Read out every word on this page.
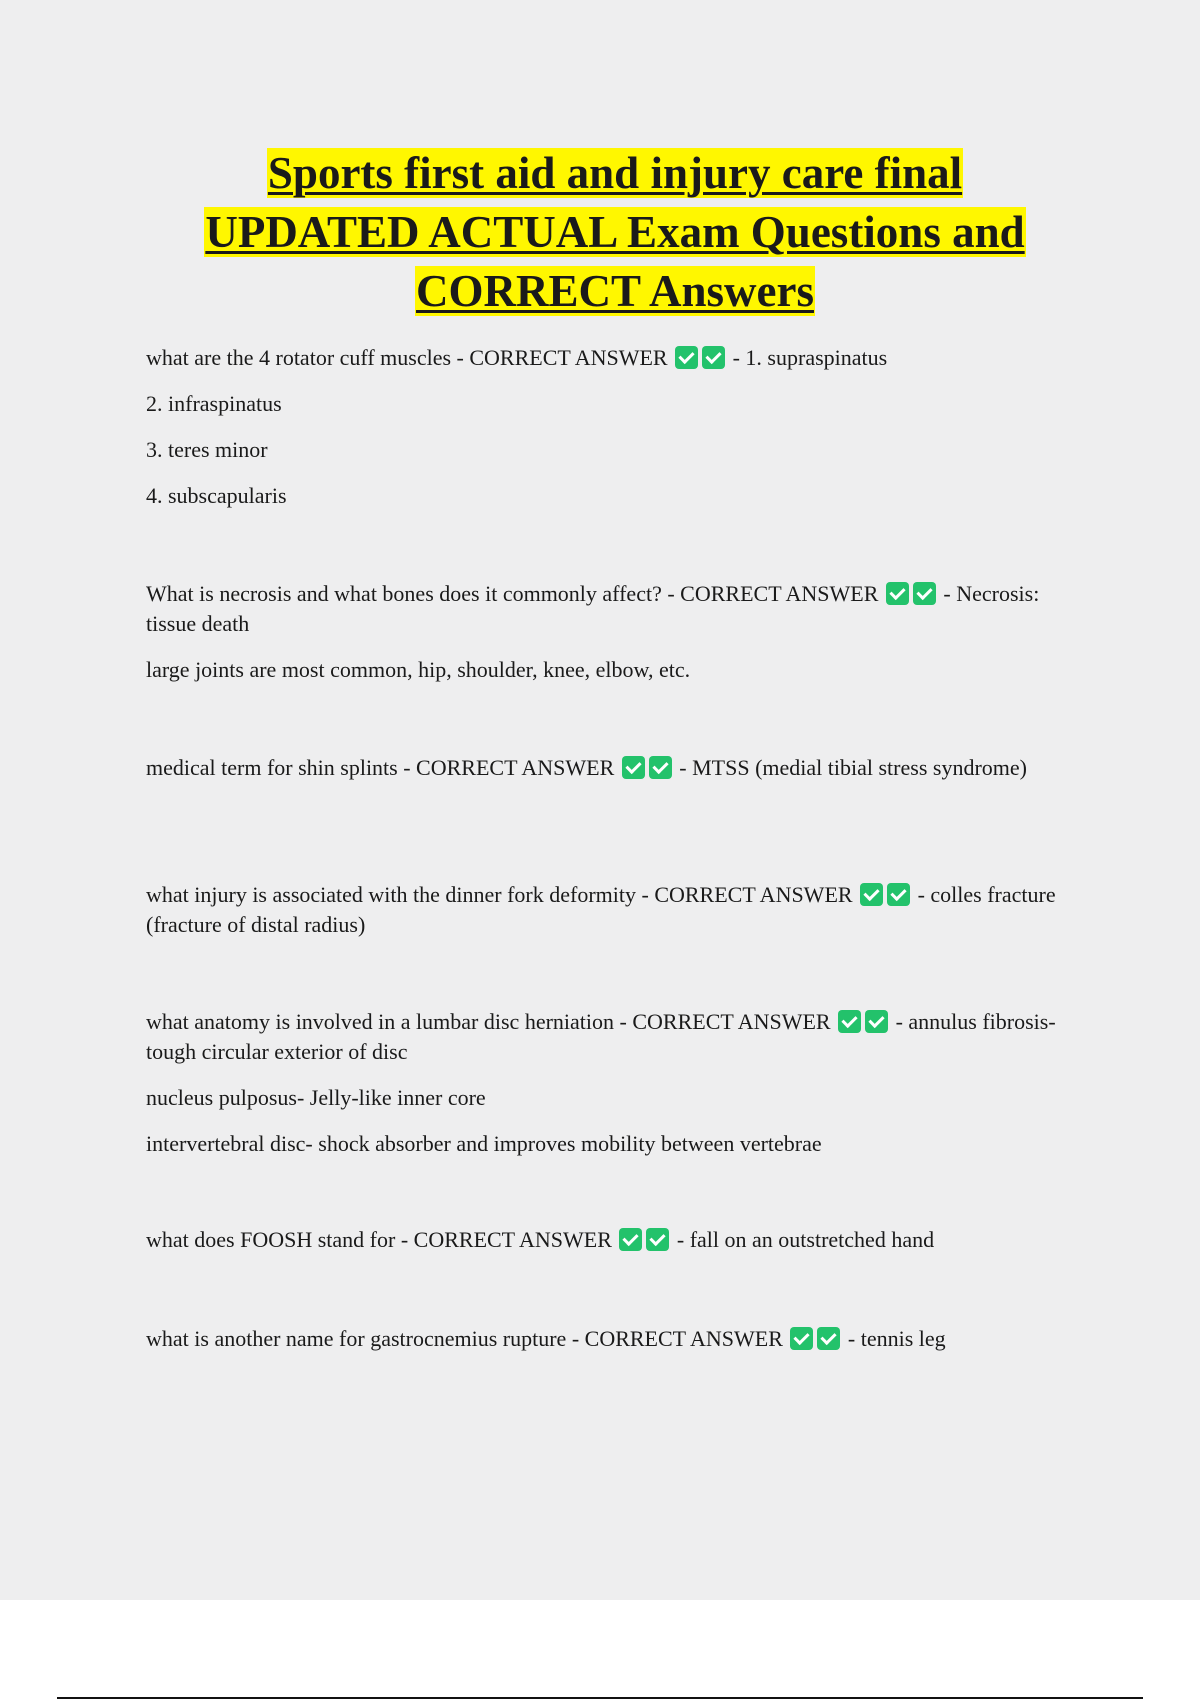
Sports first aid and injury care final
UPDATED ACTUAL Exam Questions and
CORRECT Answers

what are the 4 rotator cuff muscles - CORRECT ANSWER	- 1. supraspinatus

2. infraspinatus

3. teres minor

4. subscapularis

What is necrosis and what bones does it commonly affect? - CORRECT ANSWER	- Necrosis: tissue death

large joints are most common, hip, shoulder, knee, elbow, etc.

medical term for shin splints - CORRECT ANSWER	- MTSS (medial tibial stress syndrome)

what injury is associated with the dinner fork deformity - CORRECT ANSWER	- colles fracture (fracture of distal radius)

what anatomy is involved in a lumbar disc herniation - CORRECT ANSWER	- annulus fibrosis-tough circular exterior of disc

nucleus pulposus- Jelly-like inner core

intervertebral disc- shock absorber and improves mobility between vertebrae

what does FOOSH stand for - CORRECT ANSWER	- fall on an outstretched hand

what is another name for gastrocnemius rupture - CORRECT ANSWER	- tennis leg
